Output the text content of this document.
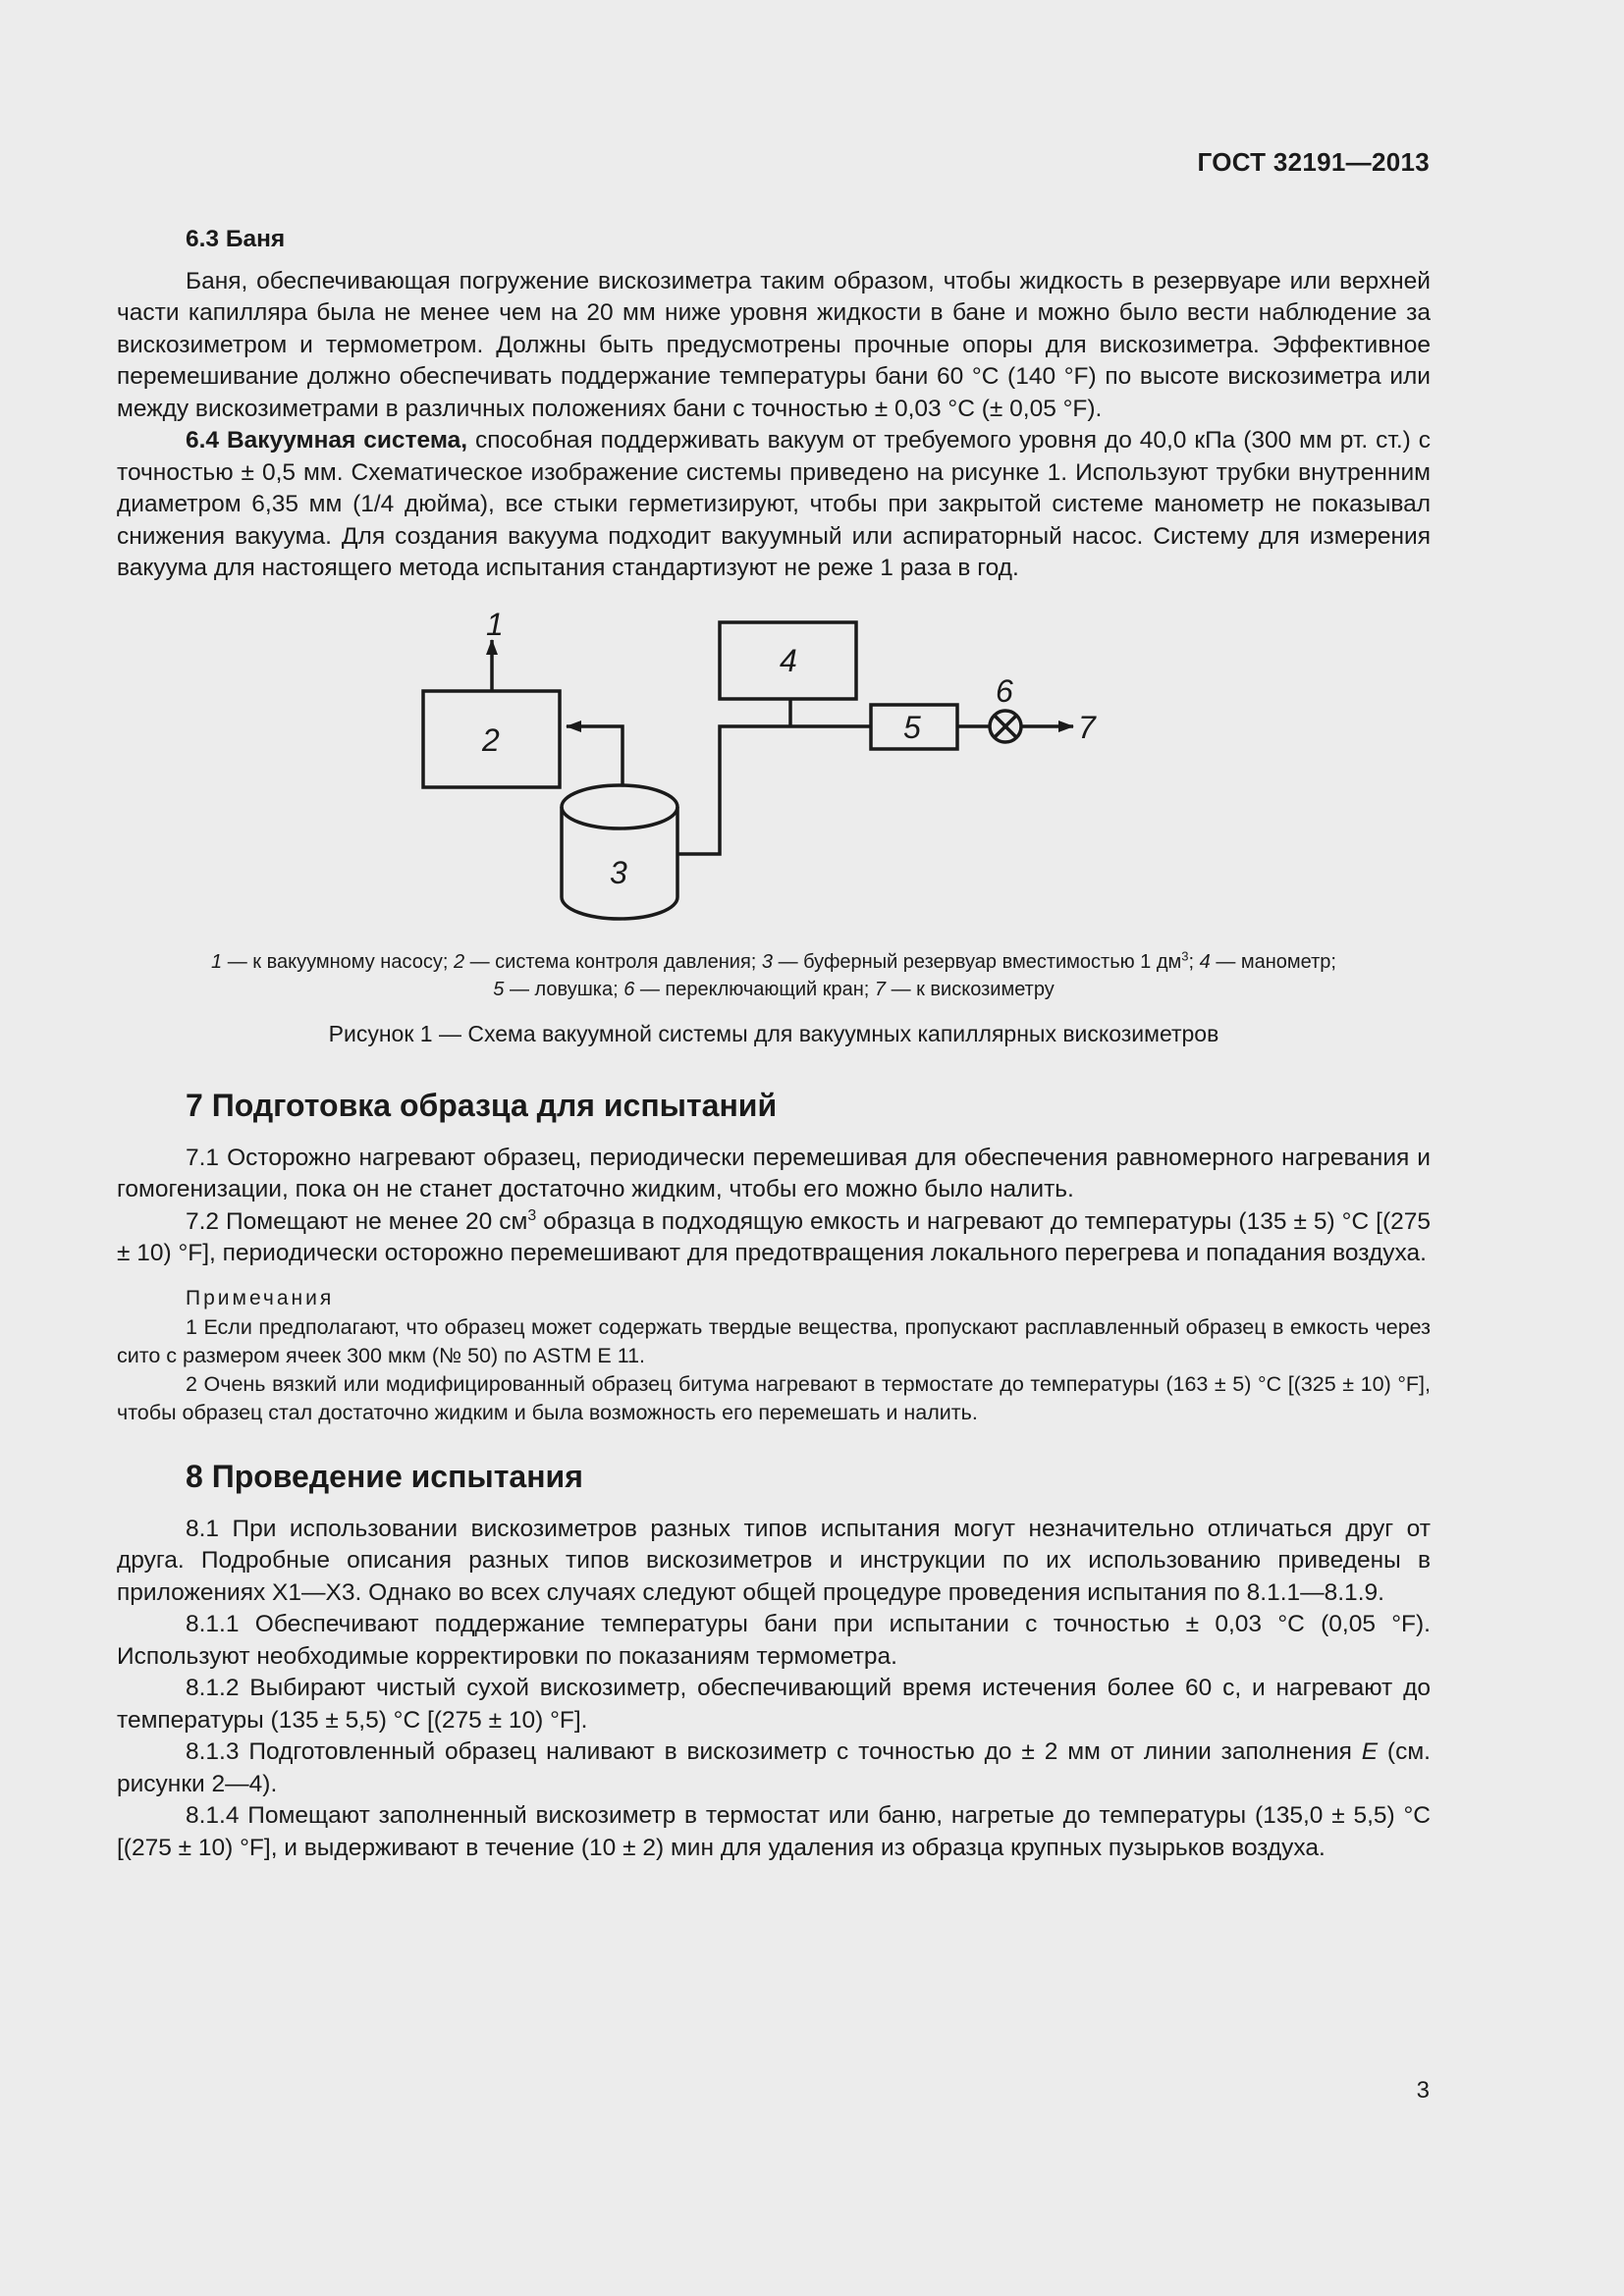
ГОСТ 32191—2013

6.3 Баня

Баня, обеспечивающая погружение вискозиметра таким образом, чтобы жидкость в резервуаре или верхней части капилляра была не менее чем на 20 мм ниже уровня жидкости в бане и можно было вести наблюдение за вискозиметром и термометром. Должны быть предусмотрены прочные опоры для вискозиметра. Эффективное перемешивание должно обеспечивать поддержание температуры бани 60 °С (140 °F) по высоте вискозиметра или между вискозиметрами в различных положениях бани с точностью ± 0,03 °С (± 0,05 °F).

6.4 Вакуумная система, способная поддерживать вакуум от требуемого уровня до 40,0 кПа (300 мм рт. ст.) с точностью ± 0,5 мм. Схематическое изображение системы приведено на рисунке 1. Используют трубки внутренним диаметром 6,35 мм (1/4 дюйма), все стыки герметизируют, чтобы при закрытой системе манометр не показывал снижения вакуума. Для создания вакуума подходит вакуумный или аспираторный насос. Систему для измерения вакуума для настоящего метода испытания стандартизуют не реже 1 раза в год.

1
2
3
4
5
6
7
1 — к вакуумному насосу; 2 — система контроля давления; 3 — буферный резервуар вместимостью 1 $дм^3$; 4 — манометр;
5 — ловушка; 6 — переключающий кран; 7 — к вискозиметру
Рисунок 1 — Схема вакуумной системы для вакуумных капиллярных вискозиметров
7 Подготовка образца для испытаний

7.1 Осторожно нагревают образец, периодически перемешивая для обеспечения равномерного нагревания и гомогенизации, пока он не станет достаточно жидким, чтобы его можно было налить.

7.2 Помещают не менее 20 $см^3$ образца в подходящую емкость и нагревают до температуры (135 ± 5) °С [(275 ± 10) °F], периодически осторожно перемешивают для предотвращения локального перегрева и попадания воздуха.

Примечания

1 Если предполагают, что образец может содержать твердые вещества, пропускают расплавленный образец в емкость через сито с размером ячеек 300 мкм (№ 50) по ASTM E 11.

2 Очень вязкий или модифицированный образец битума нагревают в термостате до температуры (163 ± 5) °С [(325 ± 10) °F], чтобы образец стал достаточно жидким и была возможность его перемешать и налить.

8 Проведение испытания

8.1 При использовании вискозиметров разных типов испытания могут незначительно отличаться друг от друга. Подробные описания разных типов вискозиметров и инструкции по их использованию приведены в приложениях Х1—Х3. Однако во всех случаях следуют общей процедуре проведения испытания по 8.1.1—8.1.9.

8.1.1 Обеспечивают поддержание температуры бани при испытании с точностью ± 0,03 °С (0,05 °F). Используют необходимые корректировки по показаниям термометра.

8.1.2 Выбирают чистый сухой вискозиметр, обеспечивающий время истечения более 60 с, и нагревают до температуры (135 ± 5,5) °С [(275 ± 10) °F].

8.1.3 Подготовленный образец наливают в вискозиметр с точностью до ± 2 мм от линии заполнения E (см. рисунки 2—4).

8.1.4 Помещают заполненный вискозиметр в термостат или баню, нагретые до температуры (135,0 ± 5,5) °С [(275 ± 10) °F], и выдерживают в течение (10 ± 2) мин для удаления из образца крупных пузырьков воздуха.

3
